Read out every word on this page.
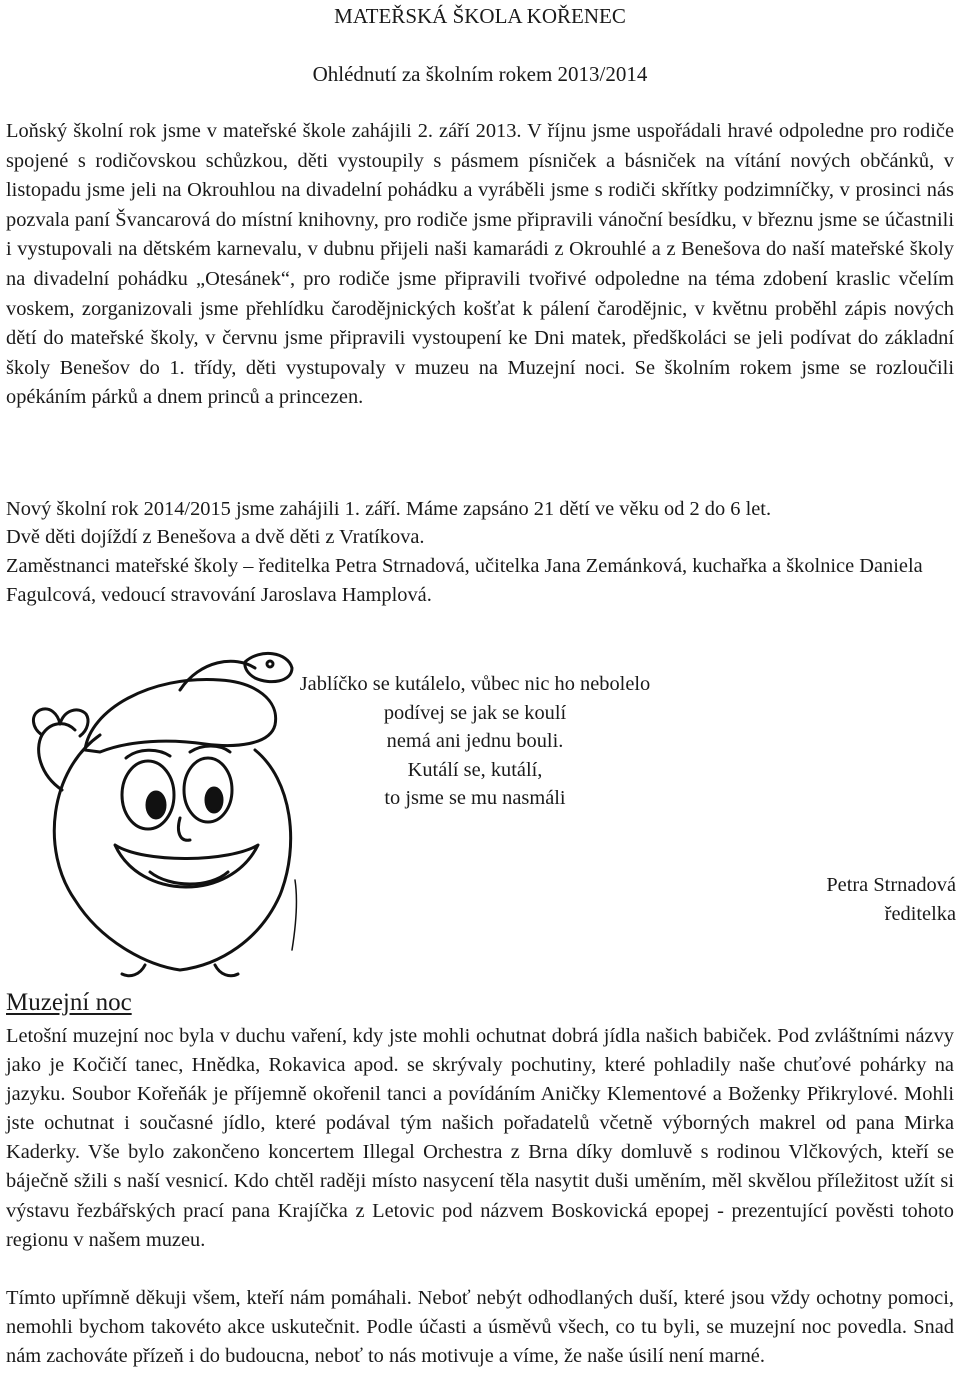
MATEŘSKÁ ŠKOLA KOŘENEC
Ohlédnutí za školním rokem 2013/2014

Loňský školní rok jsme v mateřské škole zahájili 2. září 2013. V říjnu jsme uspořádali hravé odpoledne pro rodiče spojené s rodičovskou schůzkou, děti vystoupily s pásmem písniček a básniček na vítání nových občánků, v listopadu jsme jeli na Okrouhlou na divadelní pohádku a vyráběli jsme s rodiči skřítky podzimníčky, v prosinci nás pozvala paní Švancarová do místní knihovny, pro rodiče jsme připravili vánoční besídku, v březnu jsme se účastnili i vystupovali na dětském karnevalu, v dubnu přijeli naši kamarádi z Okrouhlé a z Benešova do naší mateřské školy na divadelní pohádku „Otesánek“, pro rodiče jsme připravili tvořivé odpoledne na téma zdobení kraslic včelím voskem, zorganizovali jsme přehlídku čarodějnických košťat k pálení čarodějnic, v květnu proběhl zápis nových dětí do mateřské školy, v červnu jsme připravili vystoupení ke Dni matek, předškoláci se jeli podívat do základní školy Benešov do 1. třídy, děti vystupovaly v muzeu na Muzejní noci. Se školním rokem jsme se rozloučili opékáním párků a dnem princů a princezen.

Nový školní rok 2014/2015 jsme zahájili 1. září. Máme zapsáno 21 dětí ve věku od 2 do 6 let.

Dvě děti dojíždí z Benešova a dvě děti z Vratíkova.

Zaměstnanci mateřské školy – ředitelka Petra Strnadová, učitelka Jana Zemánková, kuchařka a školnice Daniela Fagulcová, vedoucí stravování Jaroslava Hamplová.

Jablíčko se kutálelo, vůbec nic ho nebolelo
podívej se jak se koulí
nemá ani jednu bouli.
Kutálí se, kutálí,
to jsme se mu nasmáli
Petra Strnadová
ředitelka
Muzejní noc

Letošní muzejní noc byla v duchu vaření, kdy jste mohli ochutnat dobrá jídla našich babiček. Pod zvláštními názvy jako je Kočičí tanec, Hnědka, Rokavica apod. se skrývaly pochutiny, které pohladily naše chuťové pohárky na jazyku. Soubor Kořeňák je příjemně okořenil tanci a povídáním Aničky Klementové a Boženky Přikrylové. Mohli jste ochutnat i současné jídlo, které podával tým našich pořadatelů včetně výborných makrel od pana Mirka Kaderky. Vše bylo zakončeno koncertem Illegal Orchestra z Brna díky domluvě s rodinou Vlčkových, kteří se báječně sžili s naší vesnicí. Kdo chtěl raději místo nasycení těla nasytit duši uměním, měl skvělou příležitost užít si výstavu řezbářských prací pana Krajíčka z Letovic pod názvem Boskovická epopej - prezentující pověsti tohoto regionu v našem muzeu.

Tímto upřímně děkuji všem, kteří nám pomáhali. Neboť nebýt odhodlaných duší, které jsou vždy ochotny pomoci, nemohli bychom takovéto akce uskutečnit. Podle účasti a úsměvů všech, co tu byli, se muzejní noc povedla. Snad nám zachováte přízeň i do budoucna, neboť to nás motivuje a víme, že naše úsilí není marné.
